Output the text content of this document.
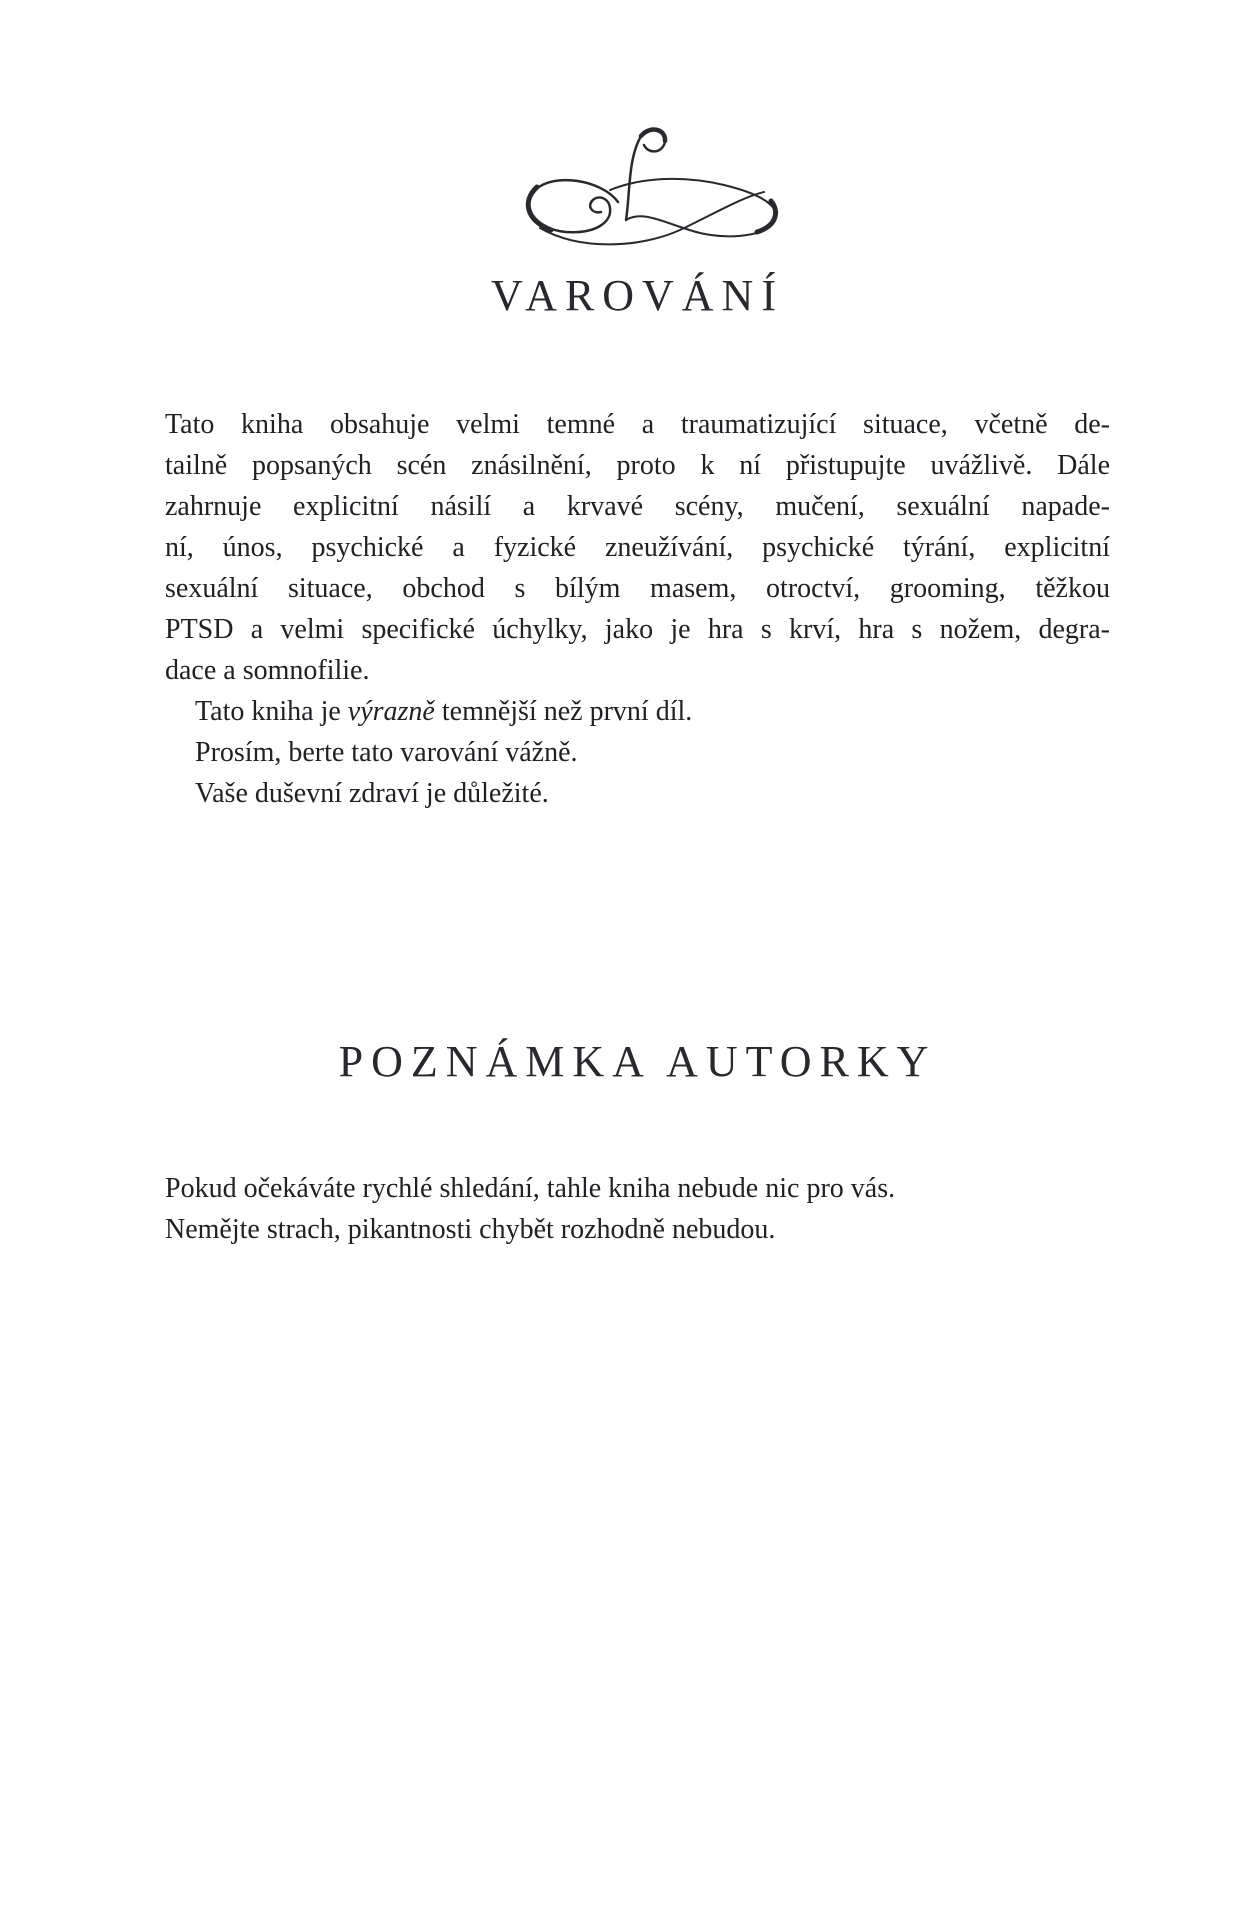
VAROVÁNÍ
Tato kniha obsahuje velmi temné a traumatizující situace, včetně de-
tailně popsaných scén znásilnění, proto k ní přistupujte uvážlivě. Dále
zahrnuje explicitní násilí a krvavé scény, mučení, sexuální napade-
ní, únos, psychické a fyzické zneužívání, psychické týrání, explicitní
sexuální situace, obchod s bílým masem, otroctví, grooming, těžkou
PTSD a velmi specifické úchylky, jako je hra s krví, hra s nožem, degra-
dace a somnofilie.
Tato kniha je výrazně temnější než první díl.
Prosím, berte tato varování vážně.
Vaše duševní zdraví je důležité.
POZNÁMKA AUTORKY
Pokud očekáváte rychlé shledání, tahle kniha nebude nic pro vás.
Nemějte strach, pikantnosti chybět rozhodně nebudou.
